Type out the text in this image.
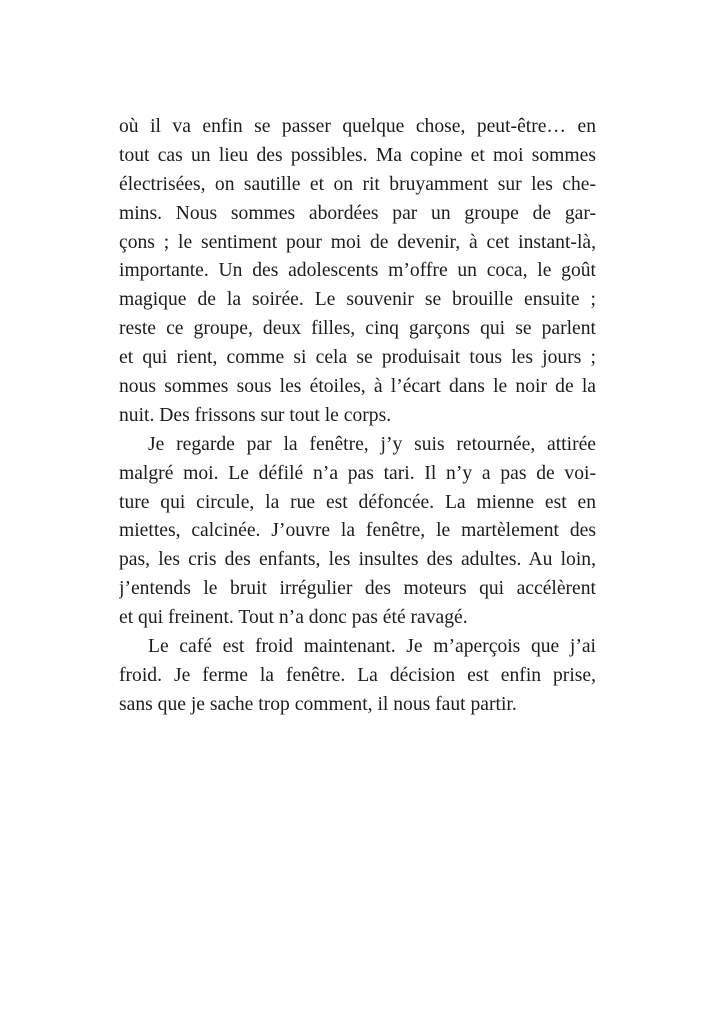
où il va enfin se passer quelque chose, peut-être… en
tout cas un lieu des possibles. Ma copine et moi sommes
électrisées, on sautille et on rit bruyamment sur les che-
mins. Nous sommes abordées par un groupe de gar-
çons ; le sentiment pour moi de devenir, à cet instant-là,
importante. Un des adolescents m’offre un coca, le goût
magique de la soirée. Le souvenir se brouille ensuite ;
reste ce groupe, deux filles, cinq garçons qui se parlent
et qui rient, comme si cela se produisait tous les jours ;
nous sommes sous les étoiles, à l’écart dans le noir de la
nuit. Des frissons sur tout le corps.
Je regarde par la fenêtre, j’y suis retournée, attirée
malgré moi. Le défilé n’a pas tari. Il n’y a pas de voi-
ture qui circule, la rue est défoncée. La mienne est en
miettes, calcinée. J’ouvre la fenêtre, le martèlement des
pas, les cris des enfants, les insultes des adultes. Au loin,
j’entends le bruit irrégulier des moteurs qui accélèrent
et qui freinent. Tout n’a donc pas été ravagé.
Le café est froid maintenant. Je m’aperçois que j’ai
froid. Je ferme la fenêtre. La décision est enfin prise,
sans que je sache trop comment, il nous faut partir.
